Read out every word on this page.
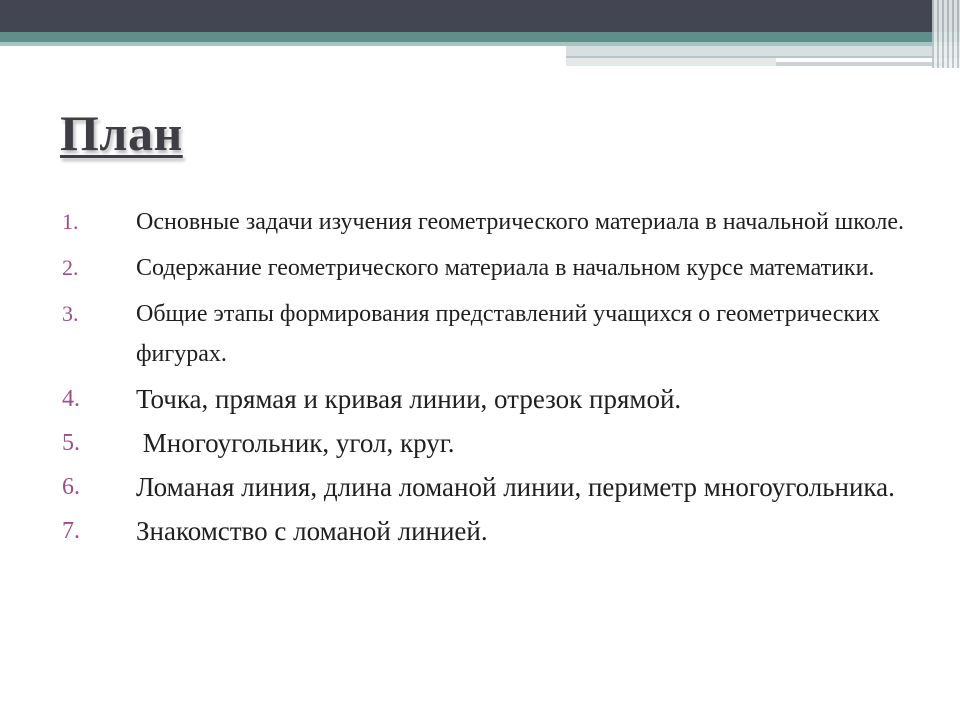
План
1.	Основные задачи изучения геометрического материала в начальной школе.
2.	Содержание геометрического материала в начальном курсе математики.
3.	Общие этапы формирования представлений учащихся о геометрических фигурах.
4.	Точка, прямая и кривая линии, отрезок прямой.
5.	Многоугольник, угол, круг.
6.	Ломаная линия, длина ломаной линии, периметр многоугольника.
7.	Знакомство с ломаной линией.
